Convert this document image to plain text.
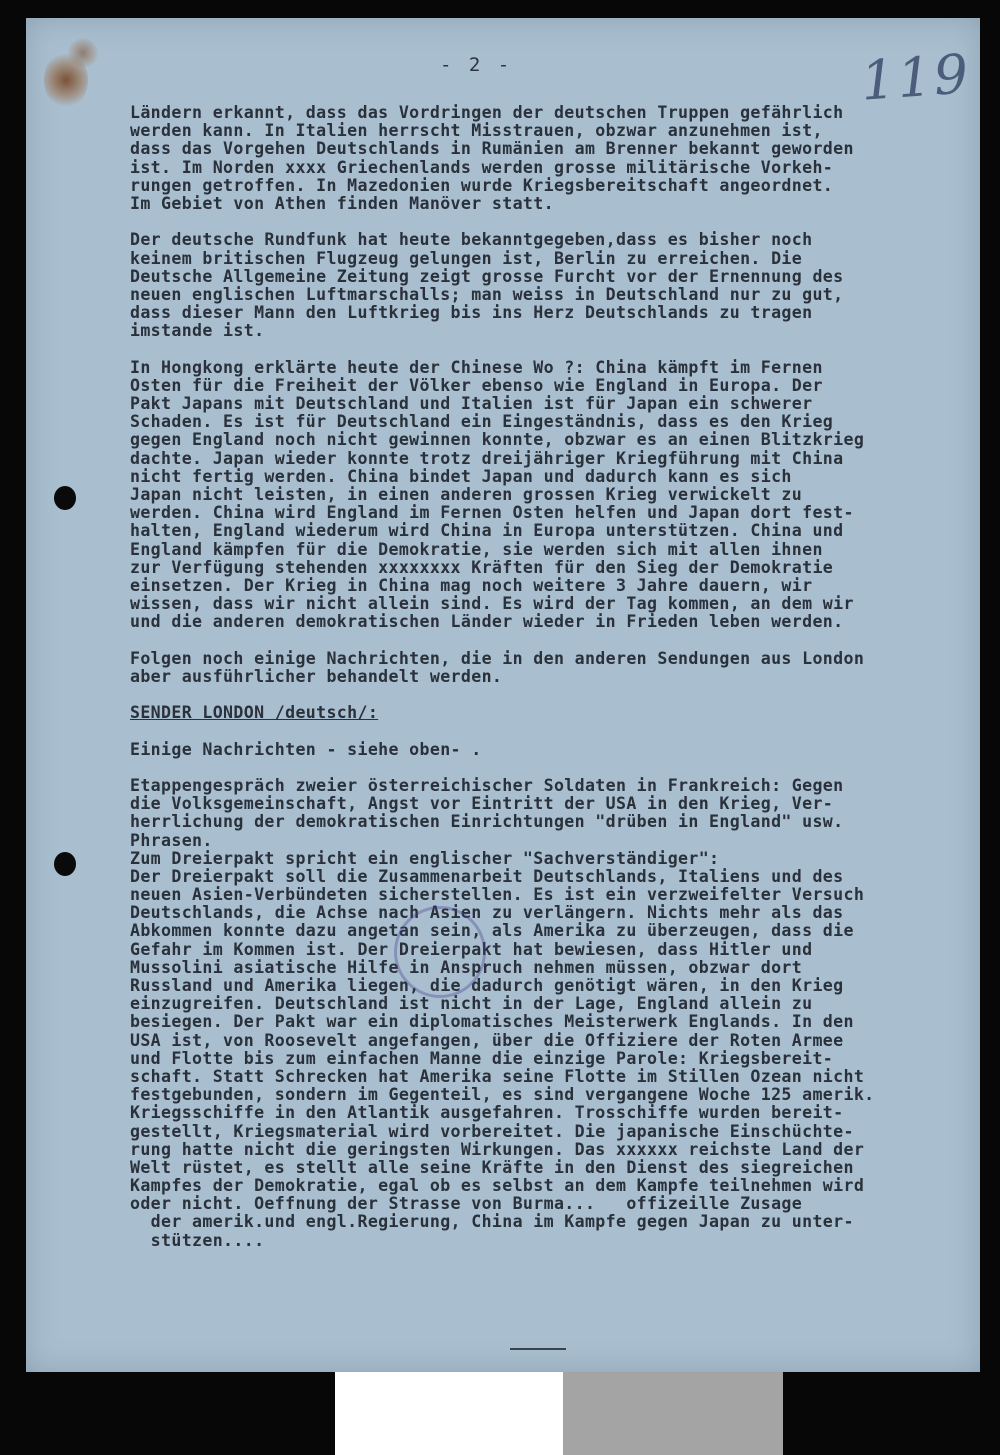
- 2 -	119
Ländern erkannt, dass das Vordringen der deutschen Truppen gefährlich
werden kann. In Italien herrscht Misstrauen, obzwar anzunehmen ist,
dass das Vorgehen Deutschlands in Rumänien am Brenner bekannt geworden
ist. Im Norden xxxx Griechenlands werden grosse militärische Vorkeh-
rungen getroffen. In Mazedonien wurde Kriegsbereitschaft angeordnet.
Im Gebiet von Athen finden Manöver statt.
Der deutsche Rundfunk hat heute bekanntgegeben,dass es bisher noch
keinem britischen Flugzeug gelungen ist, Berlin zu erreichen. Die
Deutsche Allgemeine Zeitung zeigt grosse Furcht vor der Ernennung des
neuen englischen Luftmarschalls; man weiss in Deutschland nur zu gut,
dass dieser Mann den Luftkrieg bis ins Herz Deutschlands zu tragen
imstande ist.
In Hongkong erklärte heute der Chinese Wo ?: China kämpft im Fernen
Osten für die Freiheit der Völker ebenso wie England in Europa. Der
Pakt Japans mit Deutschland und Italien ist für Japan ein schwerer
Schaden. Es ist für Deutschland ein Eingeständnis, dass es den Krieg
gegen England noch nicht gewinnen konnte, obzwar es an einen Blitzkrieg
dachte. Japan wieder konnte trotz dreijähriger Kriegführung mit China
nicht fertig werden. China bindet Japan und dadurch kann es sich
Japan nicht leisten, in einen anderen grossen Krieg verwickelt zu
werden. China wird England im Fernen Osten helfen und Japan dort fest-
halten, England wiederum wird China in Europa unterstützen. China und
England kämpfen für die Demokratie, sie werden sich mit allen ihnen
zur Verfügung stehenden xxxxxxxx Kräften für den Sieg der Demokratie
einsetzen. Der Krieg in China mag noch weitere 3 Jahre dauern, wir
wissen, dass wir nicht allein sind. Es wird der Tag kommen, an dem wir
und die anderen demokratischen Länder wieder in Frieden leben werden.
Folgen noch einige Nachrichten, die in den anderen Sendungen aus London
aber ausführlicher behandelt werden.
SENDER LONDON /deutsch/:
Einige Nachrichten - siehe oben- .
Etappengespräch zweier österreichischer Soldaten in Frankreich: Gegen
die Volksgemeinschaft, Angst vor Eintritt der USA in den Krieg, Ver-
herrlichung der demokratischen Einrichtungen "drüben in England" usw.
Phrasen.
Zum Dreierpakt spricht ein englischer "Sachverständiger":
Der Dreierpakt soll die Zusammenarbeit Deutschlands, Italiens und des
neuen Asien-Verbündeten sicherstellen. Es ist ein verzweifelter Versuch
Deutschlands, die Achse nach Asien zu verlängern. Nichts mehr als das
Abkommen konnte dazu angetan sein, als Amerika zu überzeugen, dass die
Gefahr im Kommen ist. Der Dreierpakt hat bewiesen, dass Hitler und
Mussolini asiatische Hilfe in Anspruch nehmen müssen, obzwar dort
Russland und Amerika liegen, die dadurch genötigt wären, in den Krieg
einzugreifen. Deutschland ist nicht in der Lage, England allein zu
besiegen. Der Pakt war ein diplomatisches Meisterwerk Englands. In den
USA ist, von Roosevelt angefangen, über die Offiziere der Roten Armee
und Flotte bis zum einfachen Manne die einzige Parole: Kriegsbereit-
schaft. Statt Schrecken hat Amerika seine Flotte im Stillen Ozean nicht
festgebunden, sondern im Gegenteil, es sind vergangene Woche 125 amerik.
Kriegsschiffe in den Atlantik ausgefahren. Trosschiffe wurden bereit-
gestellt, Kriegsmaterial wird vorbereitet. Die japanische Einschüchte-
rung hatte nicht die geringsten Wirkungen. Das xxxxxx reichste Land der
Welt rüstet, es stellt alle seine Kräfte in den Dienst des siegreichen
Kampfes der Demokratie, egal ob es selbst an dem Kampfe teilnehmen wird
oder nicht. Oeffnung der Strasse von Burma...   offizeille Zusage
der amerik.und engl.Regierung, China im Kampfe gegen Japan zu unter-
stützen....
